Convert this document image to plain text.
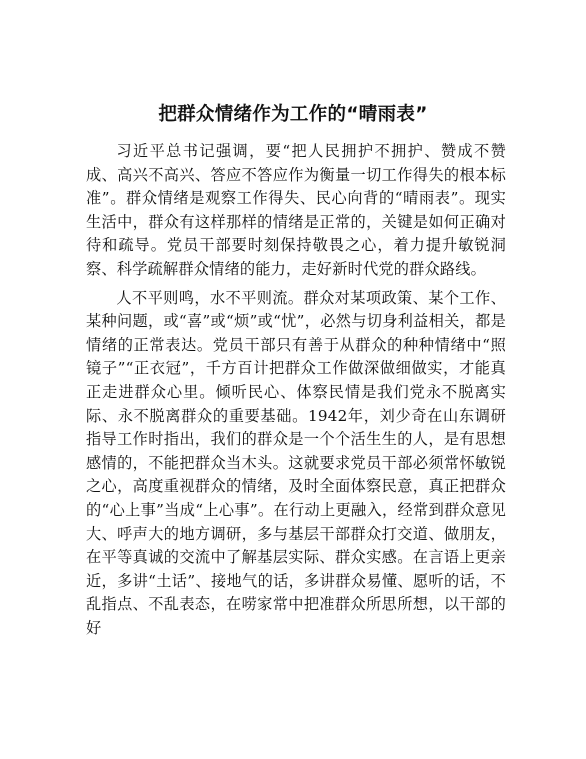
把群众情绪作为工作的“晴雨表”

习近平总书记强调，要“把人民拥护不拥护、赞成不赞成、高兴不高兴、答应不答应作为衡量一切工作得失的根本标准”。群众情绪是观察工作得失、民心向背的“晴雨表”。现实生活中，群众有这样那样的情绪是正常的，关键是如何正确对待和疏导。党员干部要时刻保持敬畏之心，着力提升敏锐洞察、科学疏解群众情绪的能力，走好新时代党的群众路线。

人不平则鸣，水不平则流。群众对某项政策、某个工作、某种问题，或“喜”或“烦”或“忧”，必然与切身利益相关，都是情绪的正常表达。党员干部只有善于从群众的种种情绪中“照镜子”“正衣冠”，千方百计把群众工作做深做细做实，才能真正走进群众心里。倾听民心、体察民情是我们党永不脱离实际、永不脱离群众的重要基础。1942年，刘少奇在山东调研指导工作时指出，我们的群众是一个个活生生的人，是有思想感情的，不能把群众当木头。这就要求党员干部必须常怀敏锐之心，高度重视群众的情绪，及时全面体察民意，真正把群众的“心上事”当成“上心事”。在行动上更融入，经常到群众意见大、呼声大的地方调研，多与基层干部群众打交道、做朋友，在平等真诚的交流中了解基层实际、群众实感。在言语上更亲近，多讲“土话”、接地气的话，多讲群众易懂、愿听的话，不乱指点、不乱表态，在唠家常中把准群众所思所想，以干部的好
